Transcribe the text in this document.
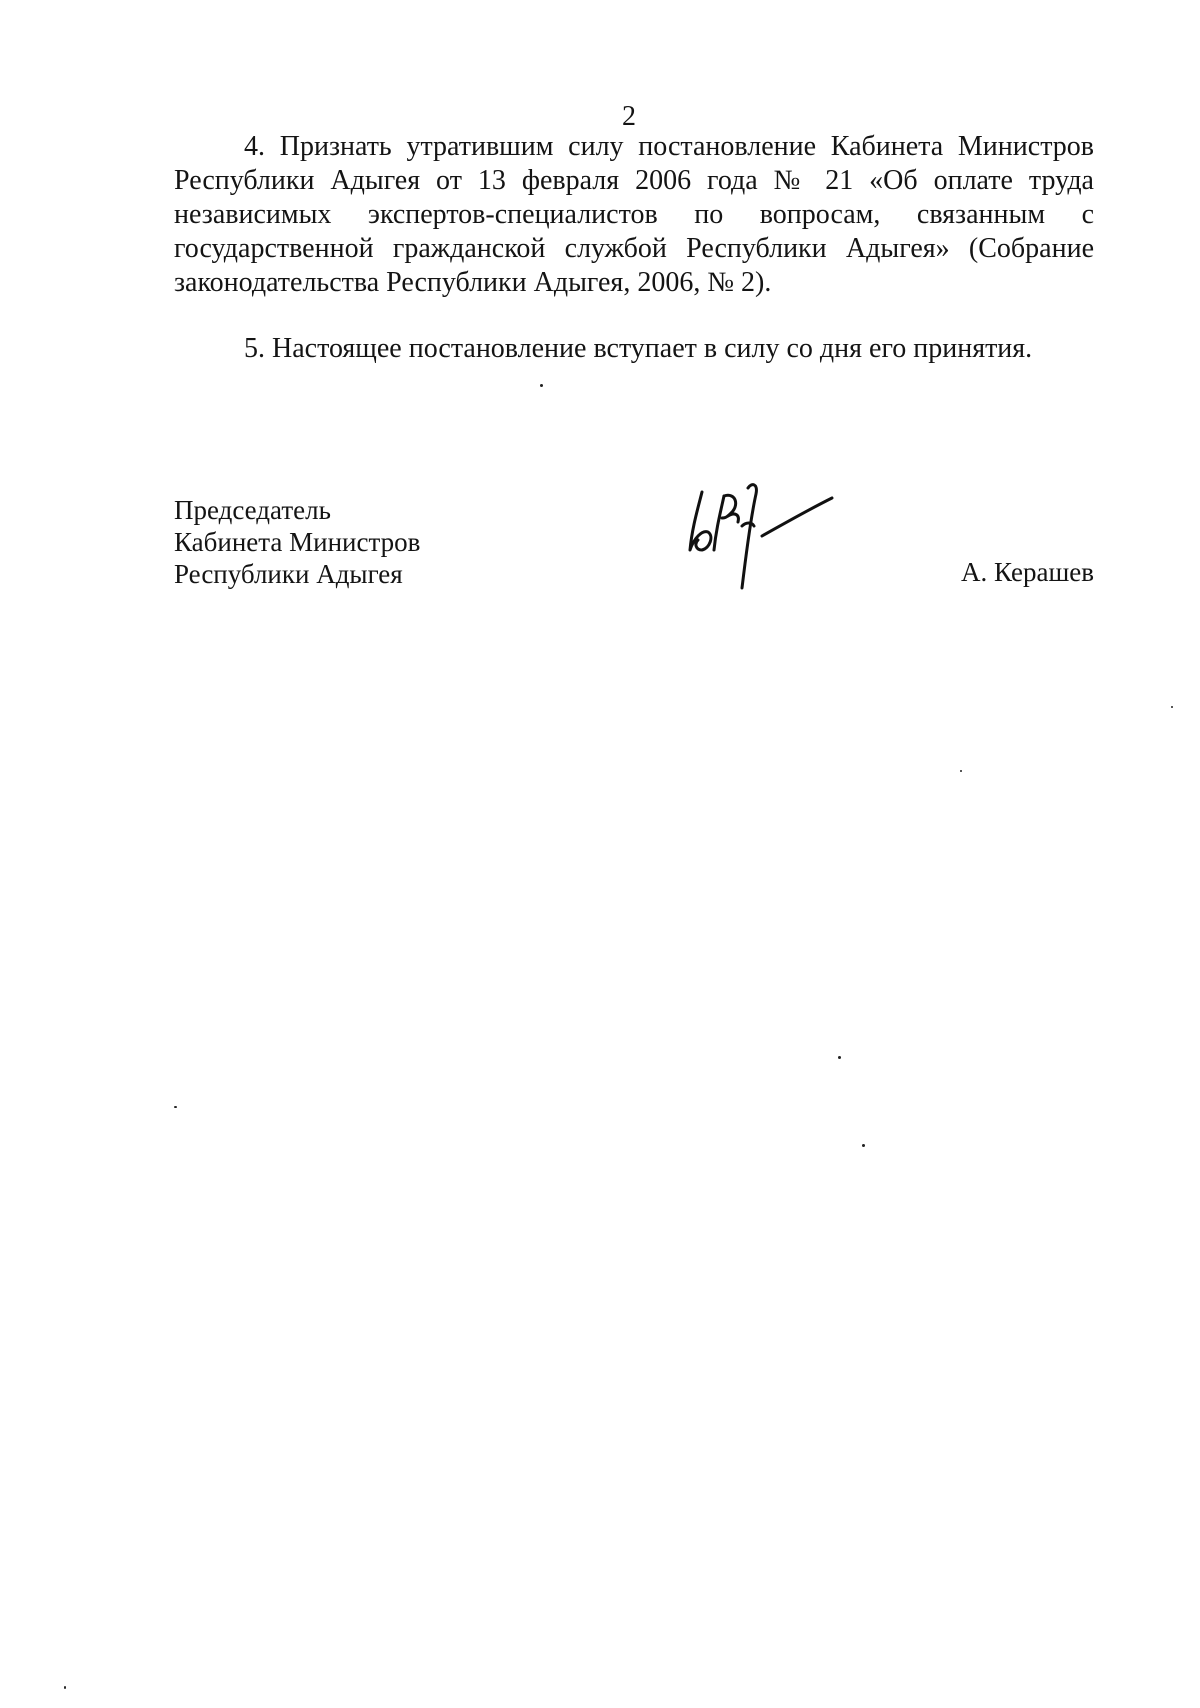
2

4. Признать утратившим силу постановление Кабинета Министров Республики Адыгея от 13 февраля 2006 года № 21 «Об оплате труда независимых экспертов-специалистов по вопросам, связанным с государственной гражданской службой Республики Адыгея» (Собрание законодательства Республики Адыгея, 2006, № 2).

5. Настоящее постановление вступает в силу со дня его принятия.

Председатель
Кабинета Министров
Республики Адыгея	А. Керашев
